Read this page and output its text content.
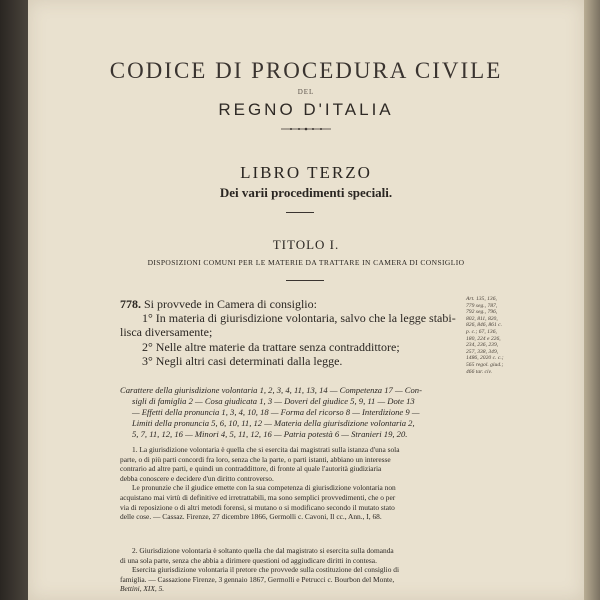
CODICE DI PROCEDURA CIVILE
DEL
REGNO D'ITALIA
LIBRO TERZO
Dei varii procedimenti speciali.
TITOLO I.
DISPOSIZIONI COMUNI PER LE MATERIE DA TRATTARE IN CAMERA DI CONSIGLIO
778. Si provvede in Camera di consiglio:
1° In materia di giurisdizione volontaria, salvo che la legge stabi-
lisca diversamente;
2° Nelle altre materie da trattare senza contraddittore;
3° Negli altri casi determinati dalla legge.
Art. 135, 136,
779 seg., 787,
792 seg., 796,
802, 811, 820,
826, 846, 861 c.
p. c.; 67, 136,
180, 224 e 226,
234, 236, 239,
257, 338, 349,
1486, 2020 c. c.;
565 regol. giud.;
466 tar. civ.
Carattere della giurisdizione volontaria 1, 2, 3, 4, 11, 13, 14 — Competenza 17 — Con-
sigli di famiglia 2 — Cosa giudicata 1, 3 — Doveri del giudice 5, 9, 11 — Dote 13
— Effetti della pronuncia 1, 3, 4, 10, 18 — Forma del ricorso 8 — Interdizione 9 —
Limiti della pronuncia 5, 6, 10, 11, 12 — Materia della giurisdizione volontaria 2,
5, 7, 11, 12, 16 — Minori 4, 5, 11, 12, 16 — Patria potestà 6 — Stranieri 19, 20.
1. La giurisdizione volontaria è quella che si esercita dai magistrati sulla istanza d'una sola
parte, o di più parti concordi fra loro, senza che la parte, o parti istanti, abbiano un interesse
contrario ad altre parti, e quindi un contraddittore, di fronte al quale l'autorità giudiziaria
debba conoscere e decidere d'un diritto controverso.
Le pronunzie che il giudice emette con la sua competenza di giurisdizione volontaria non
acquistano mai virtù di definitive ed irretrattabili, ma sono semplici provvedimenti, che o per
via di reposizione o di altri metodi forensi, si mutano o si modificano secondo il mutato stato
delle cose. — Cassaz. Firenze, 27 dicembre 1866, Germolli c. Cavoni, Il cc., Ann., I, 68.
2. Giurisdizione volontaria è soltanto quella che dal magistrato si esercita sulla domanda
di una sola parte, senza che abbia a dirimere questioni od aggiudicare diritti in contesa.
Esercita giurisdizione volontaria il pretore che provvede sulla costituzione del consiglio di
famiglia. — Cassazione Firenze, 3 gennaio 1867, Germolli e Petrucci c. Bourbon del Monte,
Bettini, XIX, 5.
